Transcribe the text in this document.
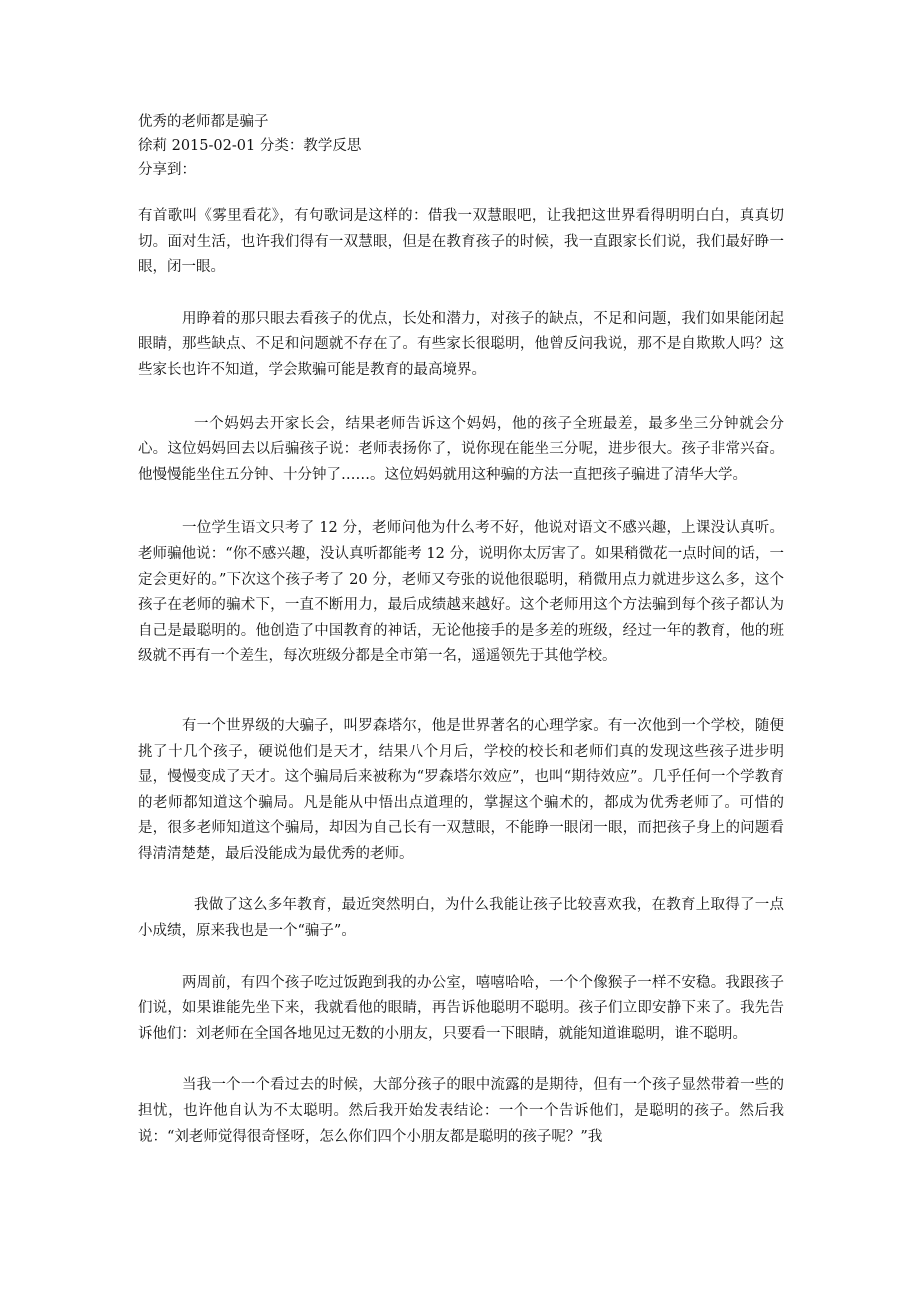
优秀的老师都是骗子
徐莉 2015-02-01 分类：教学反思
分享到：

有首歌叫《雾里看花》，有句歌词是这样的：借我一双慧眼吧，让我把这世界看得明明白白，真真切切。面对生活，也许我们得有一双慧眼，但是在教育孩子的时候，我一直跟家长们说，我们最好睁一眼，闭一眼。

用睁着的那只眼去看孩子的优点，长处和潜力，对孩子的缺点，不足和问题，我们如果能闭起眼睛，那些缺点、不足和问题就不存在了。有些家长很聪明，他曾反问我说，那不是自欺欺人吗？这些家长也许不知道，学会欺骗可能是教育的最高境界。

一个妈妈去开家长会，结果老师告诉这个妈妈，他的孩子全班最差，最多坐三分钟就会分心。这位妈妈回去以后骗孩子说：老师表扬你了，说你现在能坐三分呢，进步很大。孩子非常兴奋。他慢慢能坐住五分钟、十分钟了……。这位妈妈就用这种骗的方法一直把孩子骗进了清华大学。

一位学生语文只考了 12 分，老师问他为什么考不好，他说对语文不感兴趣，上课没认真听。老师骗他说：“你不感兴趣，没认真听都能考 12 分，说明你太厉害了。如果稍微花一点时间的话，一定会更好的。”下次这个孩子考了 20 分，老师又夸张的说他很聪明，稍微用点力就进步这么多，这个孩子在老师的骗术下，一直不断用力，最后成绩越来越好。这个老师用这个方法骗到每个孩子都认为自己是最聪明的。他创造了中国教育的神话，无论他接手的是多差的班级，经过一年的教育，他的班级就不再有一个差生，每次班级分都是全市第一名，遥遥领先于其他学校。

有一个世界级的大骗子，叫罗森塔尔，他是世界著名的心理学家。有一次他到一个学校，随便挑了十几个孩子，硬说他们是天才，结果八个月后，学校的校长和老师们真的发现这些孩子进步明显，慢慢变成了天才。这个骗局后来被称为“罗森塔尔效应”，也叫“期待效应”。几乎任何一个学教育的老师都知道这个骗局。凡是能从中悟出点道理的，掌握这个骗术的，都成为优秀老师了。可惜的是，很多老师知道这个骗局，却因为自己长有一双慧眼，不能睁一眼闭一眼，而把孩子身上的问题看得清清楚楚，最后没能成为最优秀的老师。

我做了这么多年教育，最近突然明白，为什么我能让孩子比较喜欢我，在教育上取得了一点小成绩，原来我也是一个“骗子”。

两周前，有四个孩子吃过饭跑到我的办公室，嘻嘻哈哈，一个个像猴子一样不安稳。我跟孩子们说，如果谁能先坐下来，我就看他的眼睛，再告诉他聪明不聪明。孩子们立即安静下来了。我先告诉他们：刘老师在全国各地见过无数的小朋友，只要看一下眼睛，就能知道谁聪明，谁不聪明。

当我一个一个看过去的时候，大部分孩子的眼中流露的是期待，但有一个孩子显然带着一些的担忧，也许他自认为不太聪明。然后我开始发表结论：一个一个告诉他们，是聪明的孩子。然后我说：“刘老师觉得很奇怪呀，怎么你们四个小朋友都是聪明的孩子呢？”我
